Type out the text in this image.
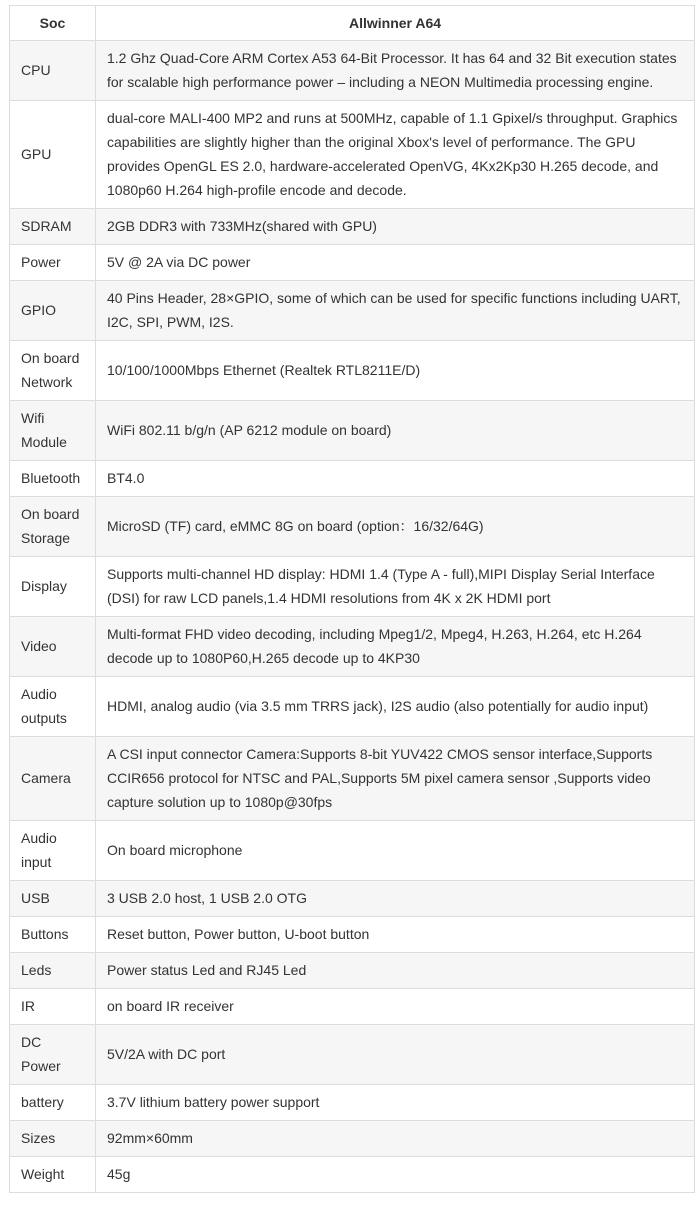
Soc	Allwinner A64
CPU	1.2 Ghz Quad-Core ARM Cortex A53 64-Bit Processor. It has 64 and 32 Bit execution states for scalable high performance power – including a NEON Multimedia processing engine.
GPU	dual-core MALI-400 MP2 and runs at 500MHz, capable of 1.1 Gpixel/s throughput. Graphics capabilities are slightly higher than the original Xbox's level of performance. The GPU provides OpenGL ES 2.0, hardware-accelerated OpenVG, 4Kx2Kp30 H.265 decode, and 1080p60 H.264 high-profile encode and decode.
SDRAM	2GB DDR3 with 733MHz(shared with GPU)
Power	5V @ 2A via DC power
GPIO	40 Pins Header, 28×GPIO, some of which can be used for specific functions including UART, I2C, SPI, PWM, I2S.
On board Network	10/100/1000Mbps Ethernet (Realtek RTL8211E/D)
Wifi Module	WiFi 802.11 b/g/n (AP 6212 module on board)
Bluetooth	BT4.0
On board Storage	MicroSD (TF) card, eMMC 8G on board (option：16/32/64G)
Display	Supports multi-channel HD display: HDMI 1.4 (Type A - full),MIPI Display Serial Interface (DSI) for raw LCD panels,1.4 HDMI resolutions from 4K x 2K HDMI port
Video	Multi-format FHD video decoding, including Mpeg1/2, Mpeg4, H.263, H.264, etc H.264 decode up to 1080P60,H.265 decode up to 4KP30
Audio outputs	HDMI, analog audio (via 3.5 mm TRRS jack), I2S audio (also potentially for audio input)
Camera	A CSI input connector Camera:Supports 8-bit YUV422 CMOS sensor interface,Supports CCIR656 protocol for NTSC and PAL,Supports 5M pixel camera sensor ,Supports video capture solution up to 1080p@30fps
Audio input	On board microphone
USB	3 USB 2.0 host, 1 USB 2.0 OTG
Buttons	Reset button, Power button, U-boot button
Leds	Power status Led and RJ45 Led
IR	on board IR receiver
DC Power	5V/2A with DC port
battery	3.7V lithium battery power support
Sizes	92mm×60mm
Weight	45g
